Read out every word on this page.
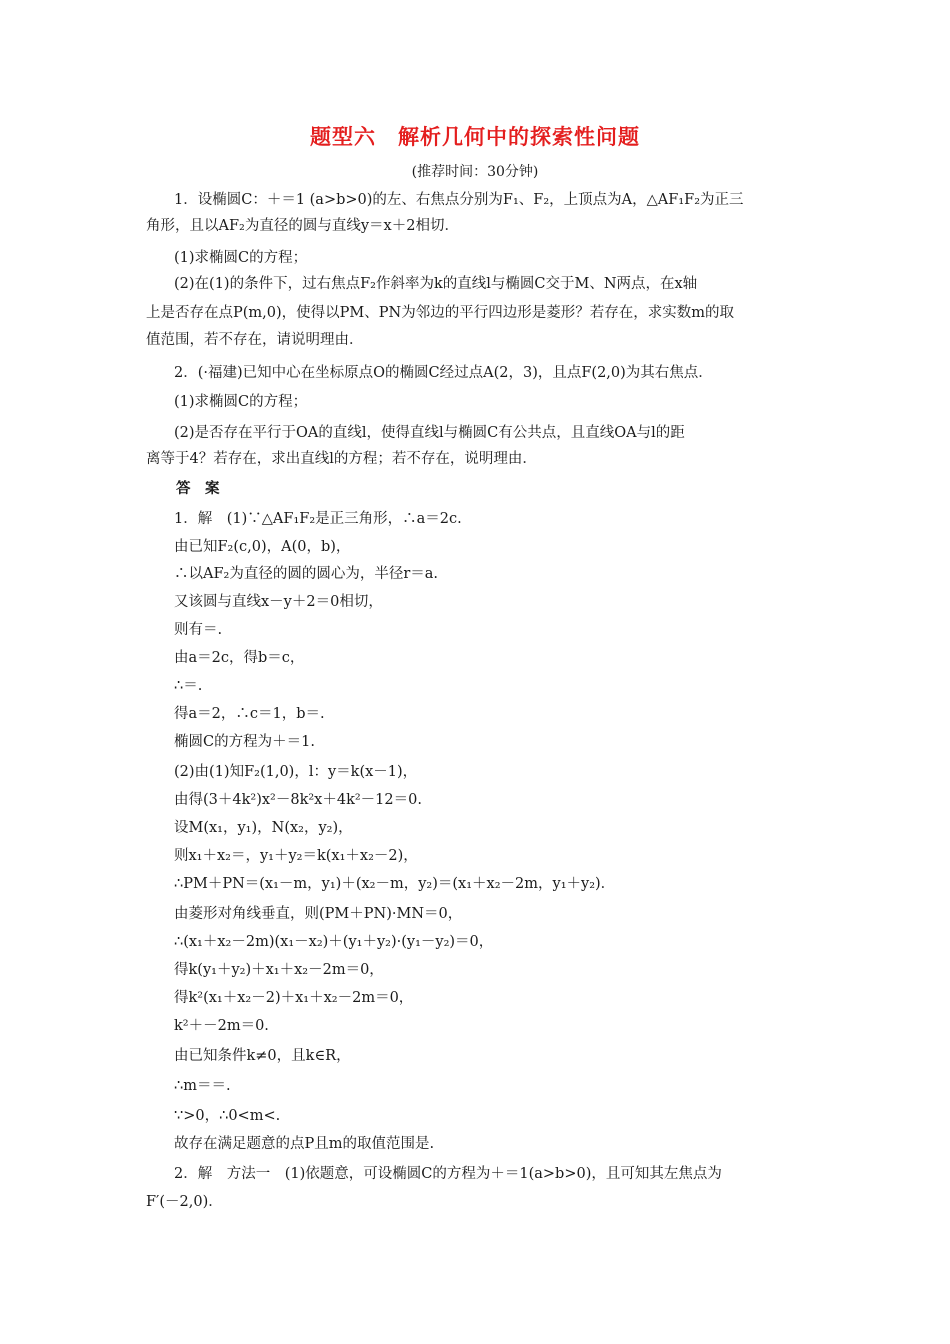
题型六　解析几何中的探索性问题
(推荐时间：30分钟)
1．设椭圆C：＋＝1 (a>b>0)的左、右焦点分别为F₁、F₂，上顶点为A，△AF₁F₂为正三
角形，且以AF₂为直径的圆与直线y＝x＋2相切．
(1)求椭圆C的方程；
(2)在(1)的条件下，过右焦点F₂作斜率为k的直线l与椭圆C交于M、N两点，在x轴
上是否存在点P(m,0)，使得以PM、PN为邻边的平行四边形是菱形？若存在，求实数m的取
值范围，若不存在，请说明理由．
2．(·福建)已知中心在坐标原点O的椭圆C经过点A(2，3)，且点F(2,0)为其右焦点．
(1)求椭圆C的方程；
(2)是否存在平行于OA的直线l，使得直线l与椭圆C有公共点，且直线OA与l的距
离等于4？若存在，求出直线l的方程；若不存在，说明理由．
答　案
1．解　(1)∵△AF₁F₂是正三角形，∴a＝2c.
由已知F₂(c,0)，A(0，b)，
∴以AF₂为直径的圆的圆心为，半径r＝a.
又该圆与直线x－y＋2＝0相切，
则有＝.
由a＝2c，得b＝c，
∴＝.
得a＝2，∴c＝1，b＝.
椭圆C的方程为＋＝1.
(2)由(1)知F₂(1,0)，l：y＝k(x－1)，
由得(3＋4k²)x²－8k²x＋4k²－12＝0.
设M(x₁，y₁)，N(x₂，y₂)，
则x₁＋x₂＝，y₁＋y₂＝k(x₁＋x₂－2)，
∴PM＋PN＝(x₁－m，y₁)＋(x₂－m，y₂)＝(x₁＋x₂－2m，y₁＋y₂)．
由菱形对角线垂直，则(PM＋PN)·MN＝0，
∴(x₁＋x₂－2m)(x₁－x₂)＋(y₁＋y₂)·(y₁－y₂)＝0，
得k(y₁＋y₂)＋x₁＋x₂－2m＝0，
得k²(x₁＋x₂－2)＋x₁＋x₂－2m＝0，
k²＋－2m＝0.
由已知条件k≠0，且k∈R，
∴m＝＝.
∵>0，∴0<m<.
故存在满足题意的点P且m的取值范围是.
2．解　方法一　(1)依题意，可设椭圆C的方程为＋＝1(a>b>0)，且可知其左焦点为
F′(－2,0)．
